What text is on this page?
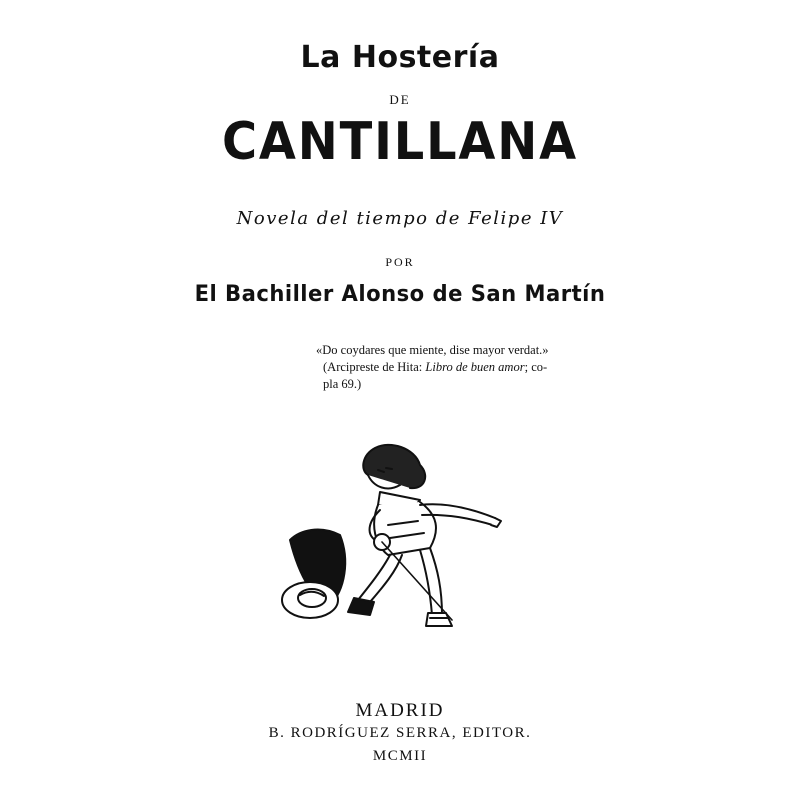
La Hostería
DE
CANTILLANA
Novela del tiempo de Felipe IV
POR
El Bachiller Alonso de San Martín
«Do coydares que miente, dise mayor verdat.»
(Arcipreste de Hita: Libro de buen amor; co-
pla 69.)
MADRID
B. RODRÍGUEZ SERRA, EDITOR.
MCMII
